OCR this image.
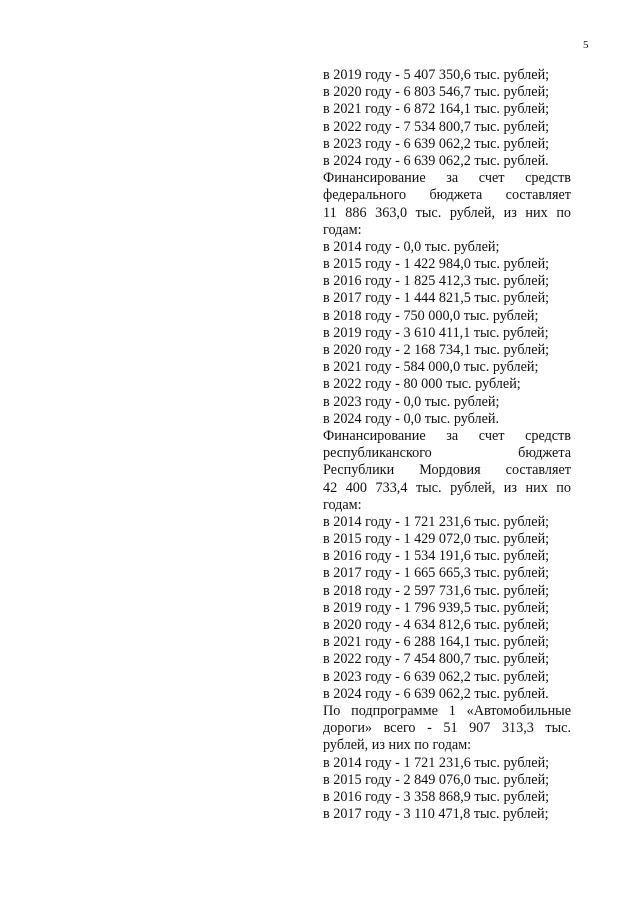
5
в 2019 году - 5 407 350,6 тыс. рублей;
в 2020 году - 6 803 546,7 тыс. рублей;
в 2021 году - 6 872 164,1 тыс. рублей;
в 2022 году - 7 534 800,7 тыс. рублей;
в 2023 году - 6 639 062,2 тыс. рублей;
в 2024 году - 6 639 062,2 тыс. рублей.
Финансирование за счет средств
федерального бюджета составляет
11 886 363,0 тыс. рублей, из них по
годам:
в 2014 году - 0,0 тыс. рублей;
в 2015 году - 1 422 984,0 тыс. рублей;
в 2016 году - 1 825 412,3 тыс. рублей;
в 2017 году - 1 444 821,5 тыс. рублей;
в 2018 году - 750 000,0 тыс. рублей;
в 2019 году - 3 610 411,1 тыс. рублей;
в 2020 году - 2 168 734,1 тыс. рублей;
в 2021 году - 584 000,0 тыс. рублей;
в 2022 году - 80 000 тыс. рублей;
в 2023 году - 0,0 тыс. рублей;
в 2024 году - 0,0 тыс. рублей.
Финансирование за счет средств
республиканского бюджета
Республики Мордовия составляет
42 400 733,4 тыс. рублей, из них по
годам:
в 2014 году - 1 721 231,6 тыс. рублей;
в 2015 году - 1 429 072,0 тыс. рублей;
в 2016 году - 1 534 191,6 тыс. рублей;
в 2017 году - 1 665 665,3 тыс. рублей;
в 2018 году - 2 597 731,6 тыс. рублей;
в 2019 году - 1 796 939,5 тыс. рублей;
в 2020 году - 4 634 812,6 тыс. рублей;
в 2021 году - 6 288 164,1 тыс. рублей;
в 2022 году - 7 454 800,7 тыс. рублей;
в 2023 году - 6 639 062,2 тыс. рублей;
в 2024 году - 6 639 062,2 тыс. рублей.
По подпрограмме 1 «Автомобильные
дороги» всего - 51 907 313,3 тыс.
рублей, из них по годам:
в 2014 году - 1 721 231,6 тыс. рублей;
в 2015 году - 2 849 076,0 тыс. рублей;
в 2016 году - 3 358 868,9 тыс. рублей;
в 2017 году - 3 110 471,8 тыс. рублей;
